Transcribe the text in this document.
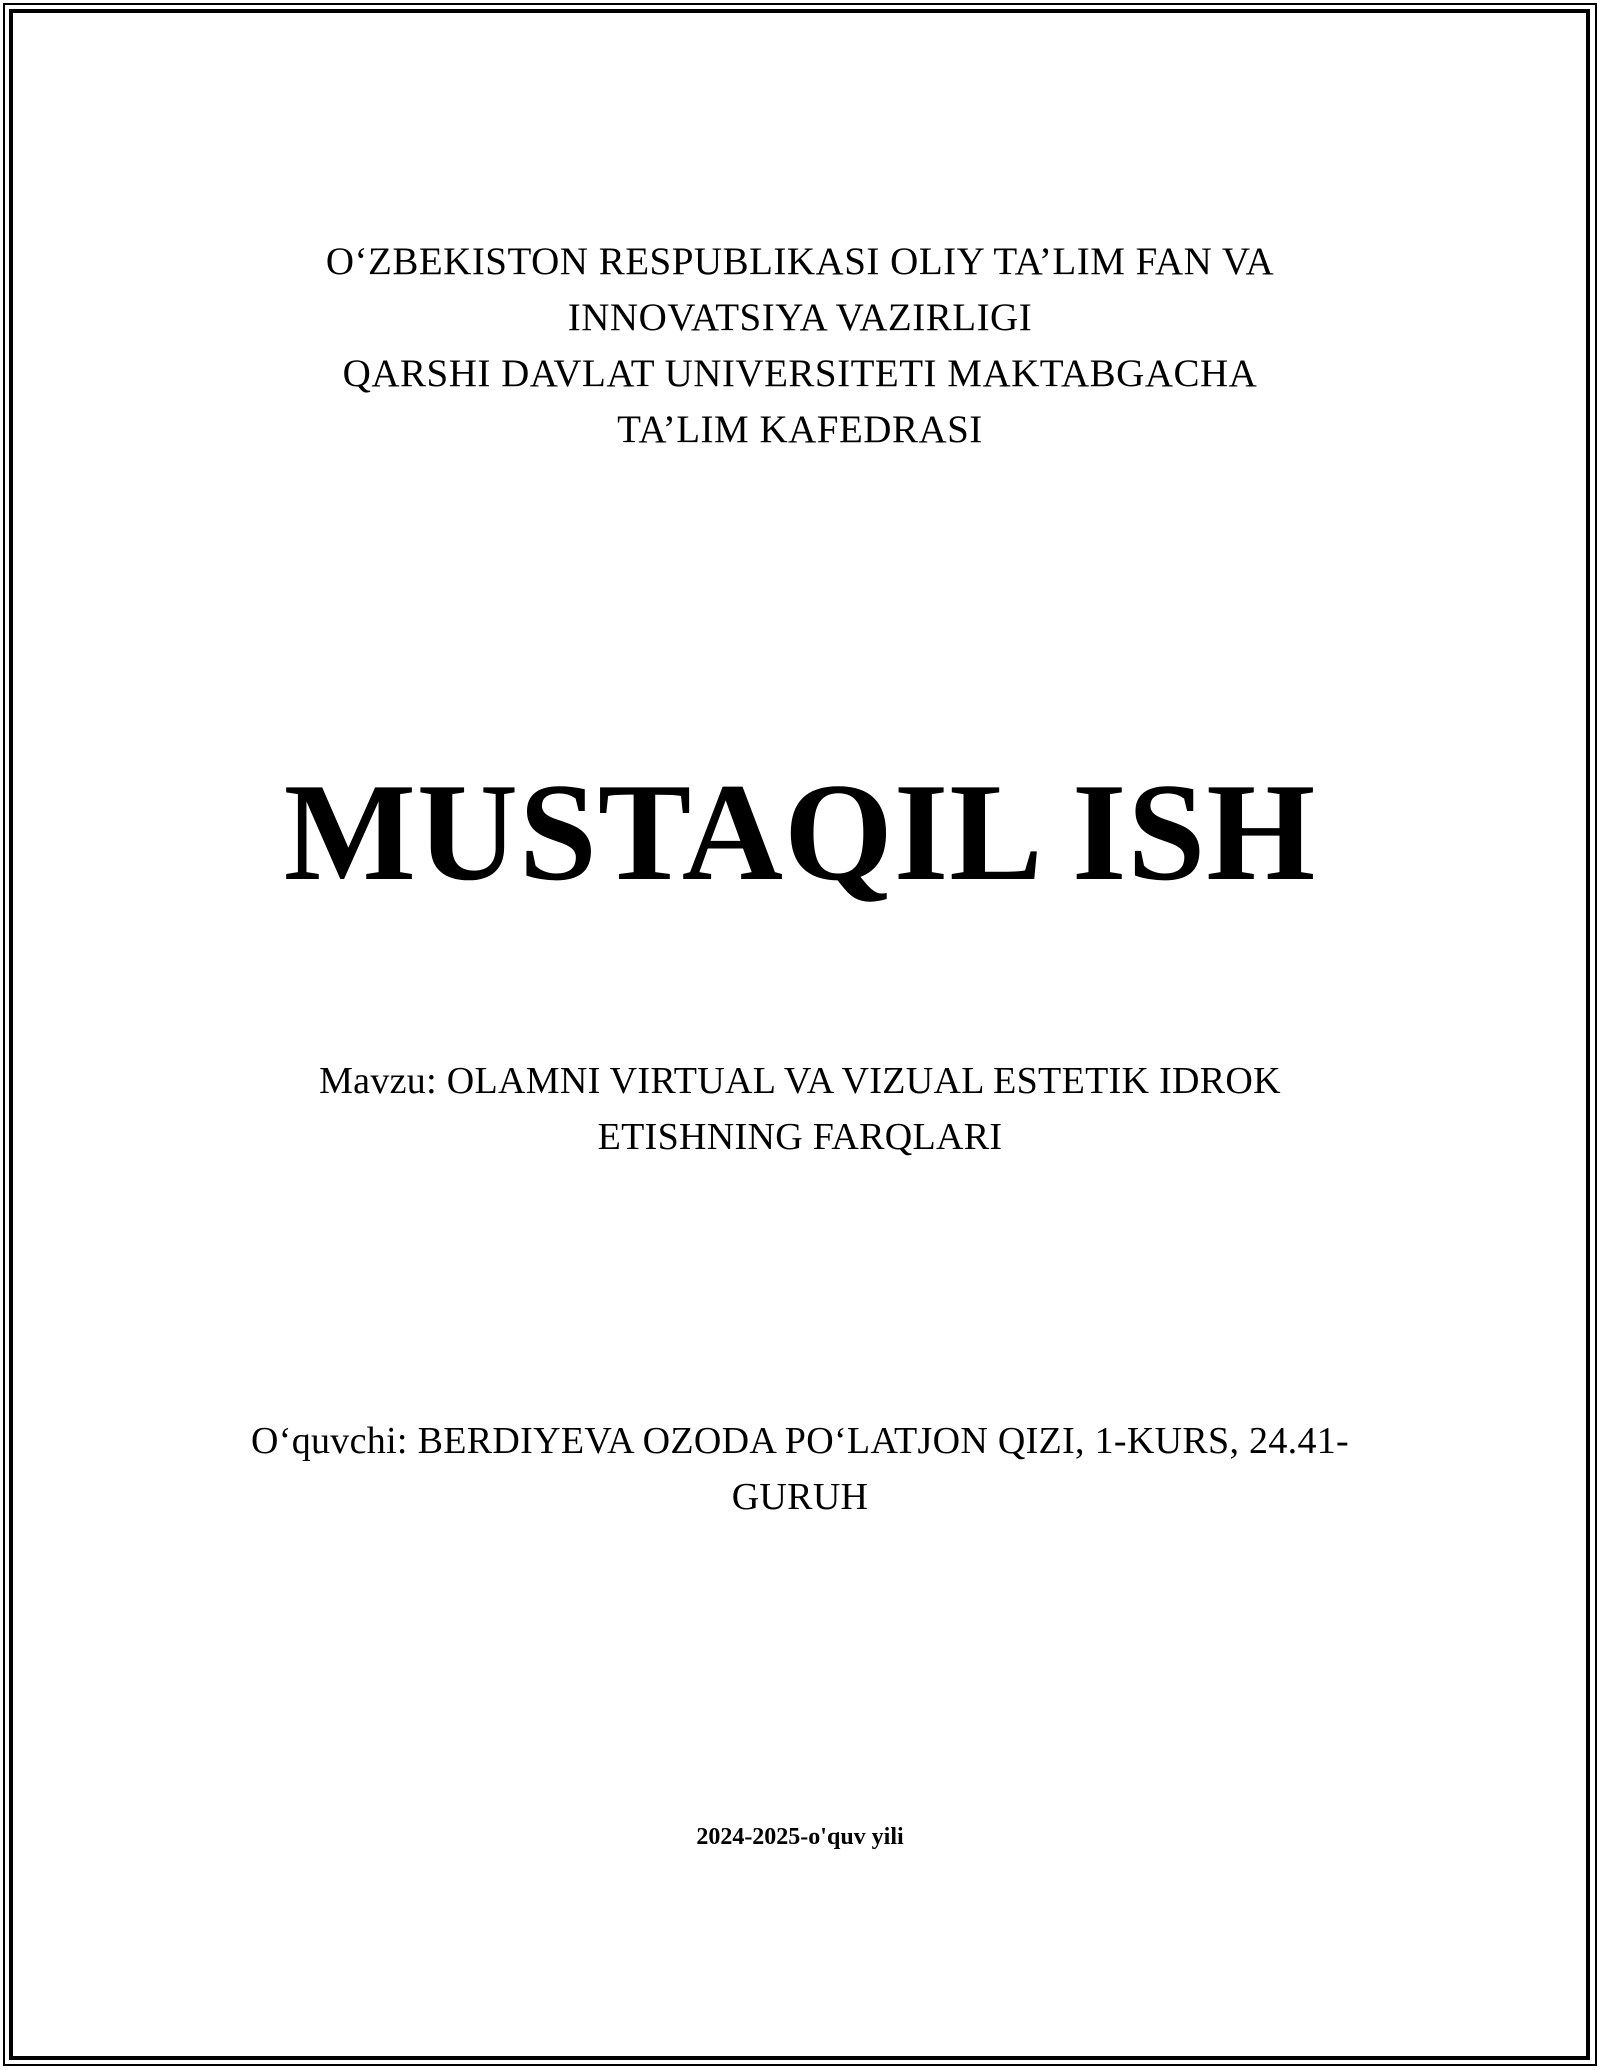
O‘ZBEKISTON RESPUBLIKASI OLIY TA’LIM FAN VA
INNOVATSIYA VAZIRLIGI
QARSHI DAVLAT UNIVERSITETI MAKTABGACHA
TA’LIM KAFEDRASI
MUSTAQIL ISH
Mavzu: OLAMNI VIRTUAL VA VIZUAL ESTETIK IDROK
ETISHNING FARQLARI
O‘quvchi: BERDIYEVA OZODA PO‘LATJON QIZI, 1-KURS, 24.41-
GURUH
2024-2025-o'quv yili
